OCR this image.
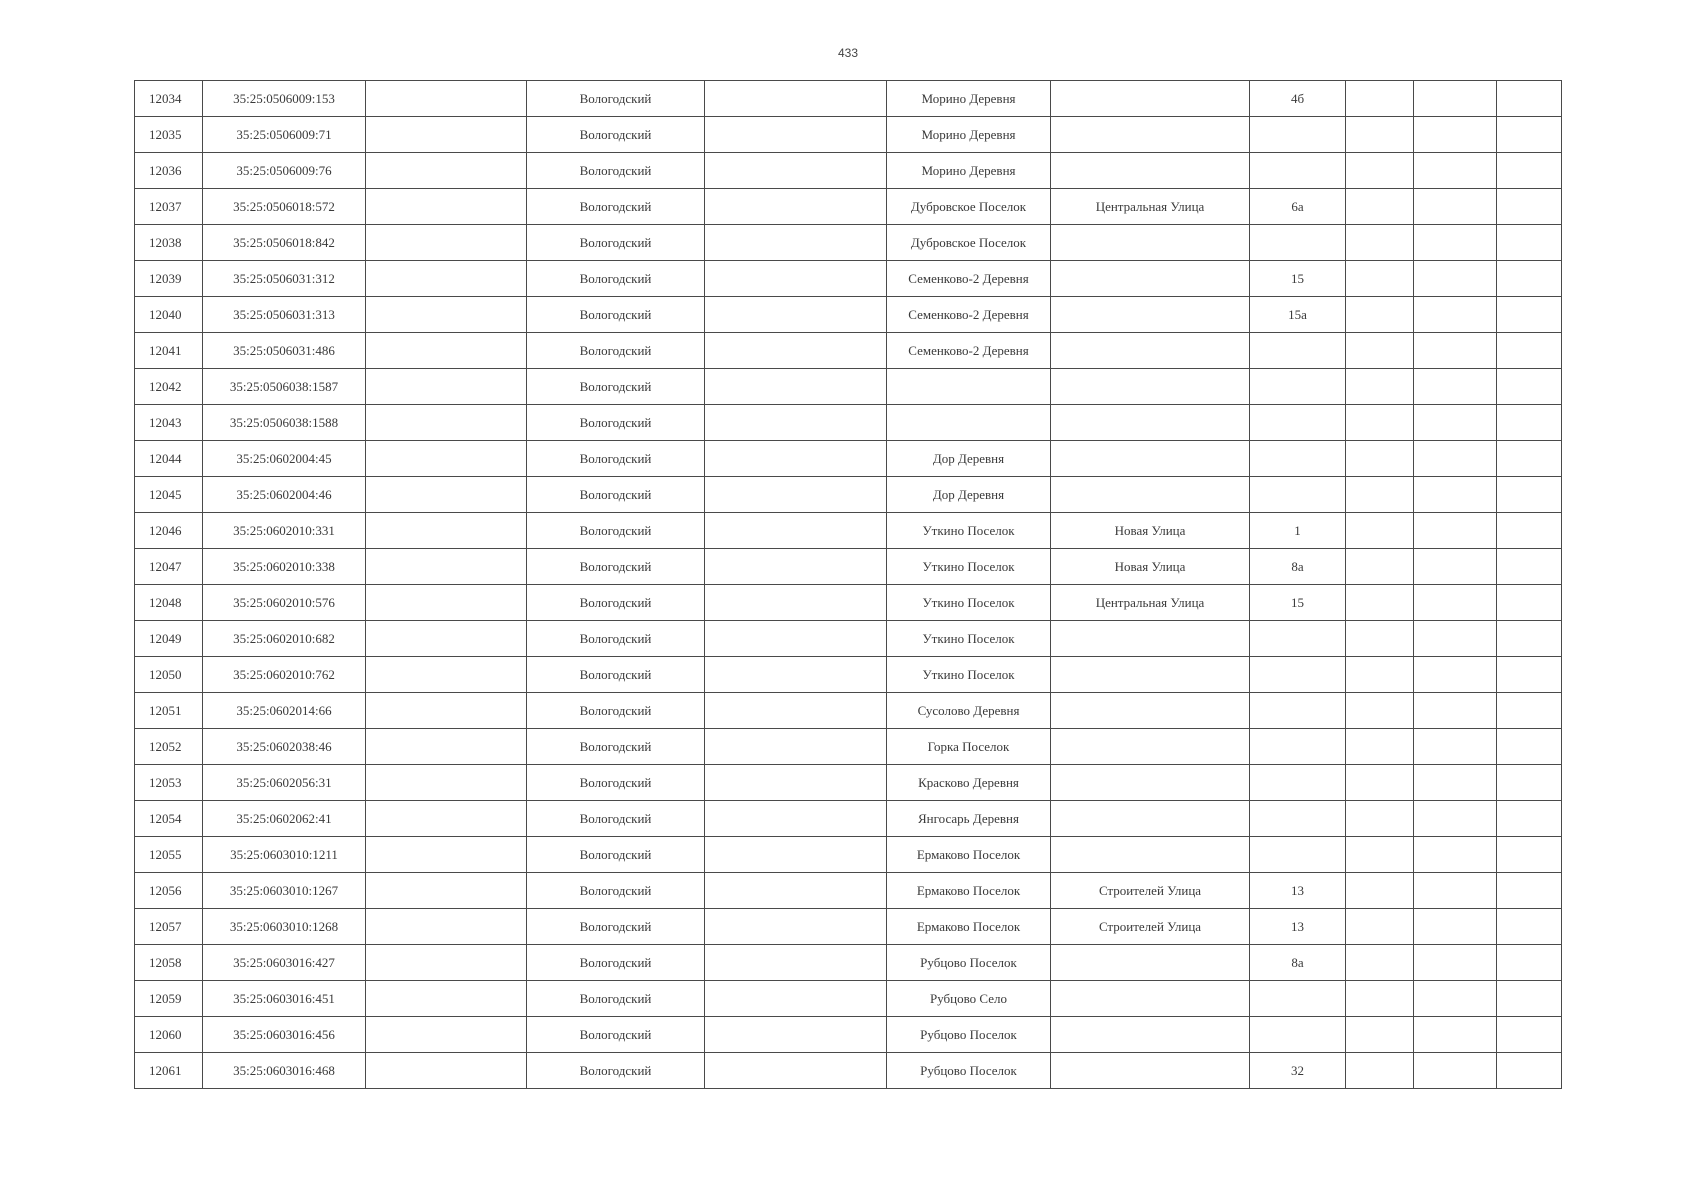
433
12034	35:25:0506009:153		Вологодский		Морино Деревня		4б			
12035	35:25:0506009:71		Вологодский		Морино Деревня					
12036	35:25:0506009:76		Вологодский		Морино Деревня					
12037	35:25:0506018:572		Вологодский		Дубровское Поселок	Центральная Улица	6а			
12038	35:25:0506018:842		Вологодский		Дубровское Поселок					
12039	35:25:0506031:312		Вологодский		Семенково-2 Деревня		15			
12040	35:25:0506031:313		Вологодский		Семенково-2 Деревня		15а			
12041	35:25:0506031:486		Вологодский		Семенково-2 Деревня					
12042	35:25:0506038:1587		Вологодский							
12043	35:25:0506038:1588		Вологодский							
12044	35:25:0602004:45		Вологодский		Дор Деревня					
12045	35:25:0602004:46		Вологодский		Дор Деревня					
12046	35:25:0602010:331		Вологодский		Уткино Поселок	Новая Улица	1			
12047	35:25:0602010:338		Вологодский		Уткино Поселок	Новая Улица	8а			
12048	35:25:0602010:576		Вологодский		Уткино Поселок	Центральная Улица	15			
12049	35:25:0602010:682		Вологодский		Уткино Поселок					
12050	35:25:0602010:762		Вологодский		Уткино Поселок					
12051	35:25:0602014:66		Вологодский		Сусолово Деревня					
12052	35:25:0602038:46		Вологодский		Горка Поселок					
12053	35:25:0602056:31		Вологодский		Красково Деревня					
12054	35:25:0602062:41		Вологодский		Янгосарь Деревня					
12055	35:25:0603010:1211		Вологодский		Ермаково Поселок					
12056	35:25:0603010:1267		Вологодский		Ермаково Поселок	Строителей Улица	13			
12057	35:25:0603010:1268		Вологодский		Ермаково Поселок	Строителей Улица	13			
12058	35:25:0603016:427		Вологодский		Рубцово Поселок		8а			
12059	35:25:0603016:451		Вологодский		Рубцово Село					
12060	35:25:0603016:456		Вологодский		Рубцово Поселок					
12061	35:25:0603016:468		Вологодский		Рубцово Поселок		32			
